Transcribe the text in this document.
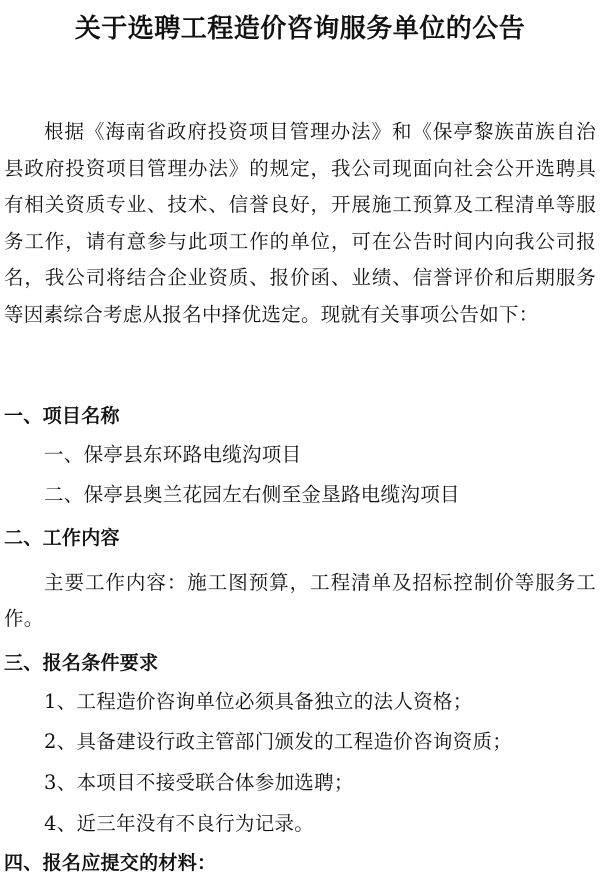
关于选聘工程造价咨询服务单位的公告

根据《海南省政府投资项目管理办法》和《保亭黎族苗族自治县政府投资项目管理办法》的规定，我公司现面向社会公开选聘具有相关资质专业、技术、信誉良好，开展施工预算及工程清单等服务工作，请有意参与此项工作的单位，可在公告时间内向我公司报名，我公司将结合企业资质、报价函、业绩、信誉评价和后期服务等因素综合考虑从报名中择优选定。现就有关事项公告如下：

一、项目名称
一、保亭县东环路电缆沟项目
二、保亭县奥兰花园左右侧至金垦路电缆沟项目
二、工作内容
主要工作内容：施工图预算，工程清单及招标控制价等服务工作。
三、报名条件要求
1、工程造价咨询单位必须具备独立的法人资格；
2、具备建设行政主管部门颁发的工程造价咨询资质；
3、本项目不接受联合体参加选聘；
4、近三年没有不良行为记录。
四、报名应提交的材料：
